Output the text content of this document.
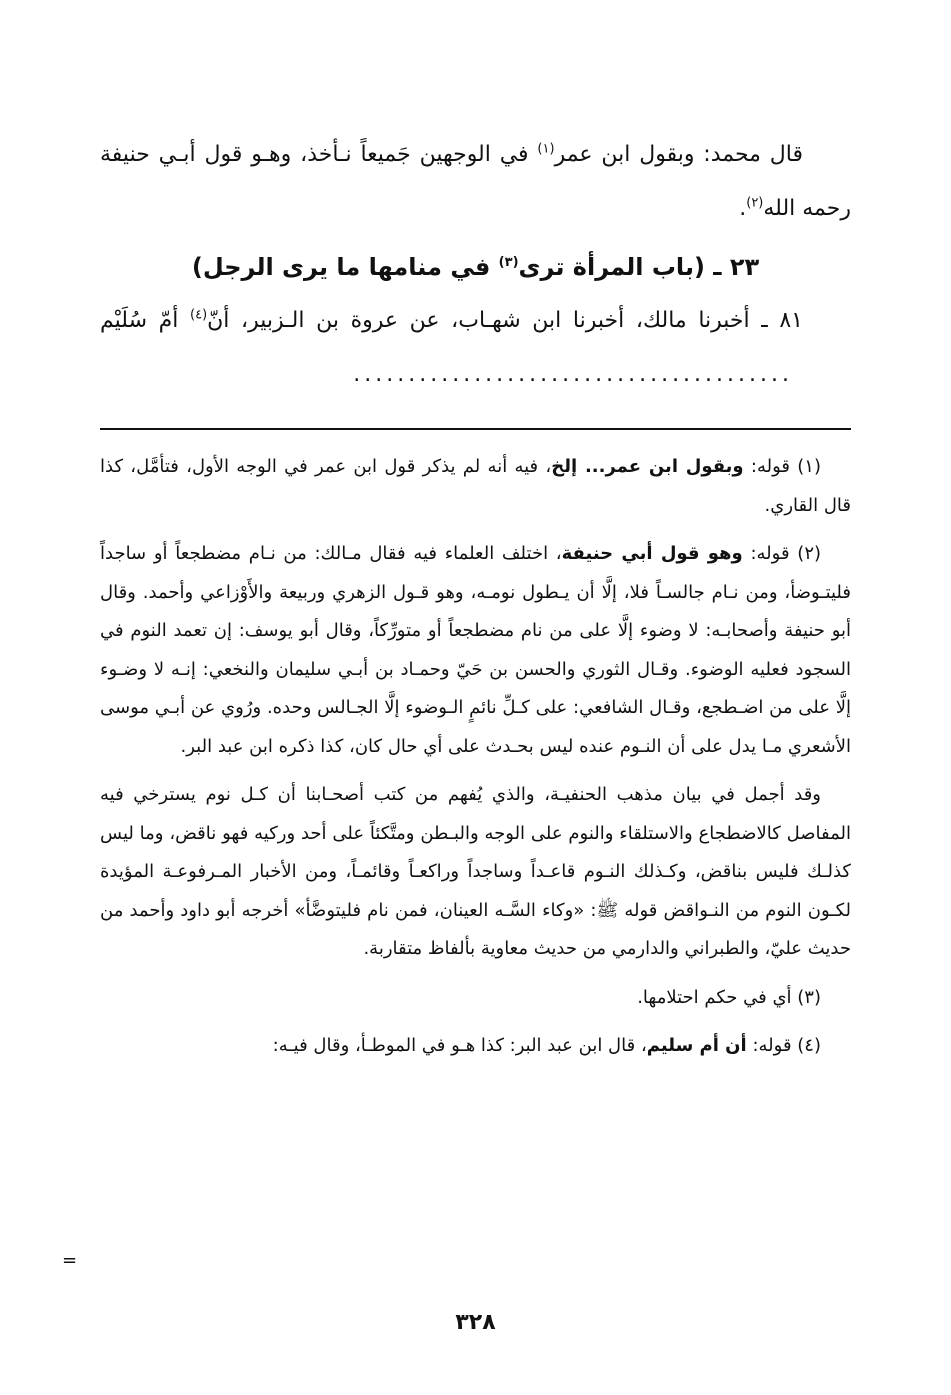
قال محمد: وبقول ابن عمر$^{(١)}$ في الوجهين جَميعاً نـأخذ، وهـو قول أبـي حنيفة رحمه الله$^{(٢)}$.

٢٣ ـ (باب المرأة ترى$^{(٣)}$ في منامها ما يرى الرجل)

٨١ ـ أخبرنا مالك، أخبرنا ابن شهـاب، عن عروة بن الـزبير، أنّ$^{(٤)}$ أمّ سُلَيْم........................................

(١) قوله: وبقول ابن عمر... إلخ، فيه أنه لم يذكر قول ابن عمر في الوجه الأول، فتأمَّل، كذا قال القاري.

(٢) قوله: وهو قول أبي حنيفة، اختلف العلماء فيه فقال مـالك: من نـام مضطجعاً أو ساجداً فليتـوضأ، ومن نـام جالسـاً فلا، إلَّا أن يـطول نومـه، وهو قـول الزهري وربيعة والأَوْزاعي وأحمد. وقال أبو حنيفة وأصحابـه: لا وضوء إلَّا على من نام مضطجعاً أو متورِّكاً، وقال أبو يوسف: إن تعمد النوم في السجود فعليه الوضوء. وقـال الثوري والحسن بن حَيّ وحمـاد بن أبـي سليمان والنخعي: إنـه لا وضـوء إلَّا على من اضـطجع، وقـال الشافعي: على كـلِّ نائمٍ الـوضوء إلَّا الجـالس وحده. ورُوي عن أبـي موسى الأشعري مـا يدل على أن النـوم عنده ليس بحـدث على أي حال كان، كذا ذكره ابن عبد البر.

وقد أجمل في بيان مذهب الحنفيـة، والذي يُفهم من كتب أصحـابنا أن كـل نوم يسترخي فيه المفاصل كالاضطجاع والاستلقاء والنوم على الوجه والبـطن ومتَّكئاً على أحد وركيه فهو ناقض، وما ليس كذلـك فليس بناقض، وكـذلك النـوم قاعـداً وساجداً وراكعـاً وقائمـاً، ومن الأخبار المـرفوعـة المؤيدة لكـون النوم من النـواقض قوله ﷺ: «وكاء السَّـه العينان، فمن نام فليتوضَّأ» أخرجه أبو داود وأحمد من حديث عليّ، والطبراني والدارمي من حديث معاوية بألفاظ متقاربة.

(٣) أي في حكم احتلامها.

(٤) قوله: أن أم سليم، قال ابن عبد البر: كذا هـو في الموطـأ، وقال فيـه:

=
٣٢٨
